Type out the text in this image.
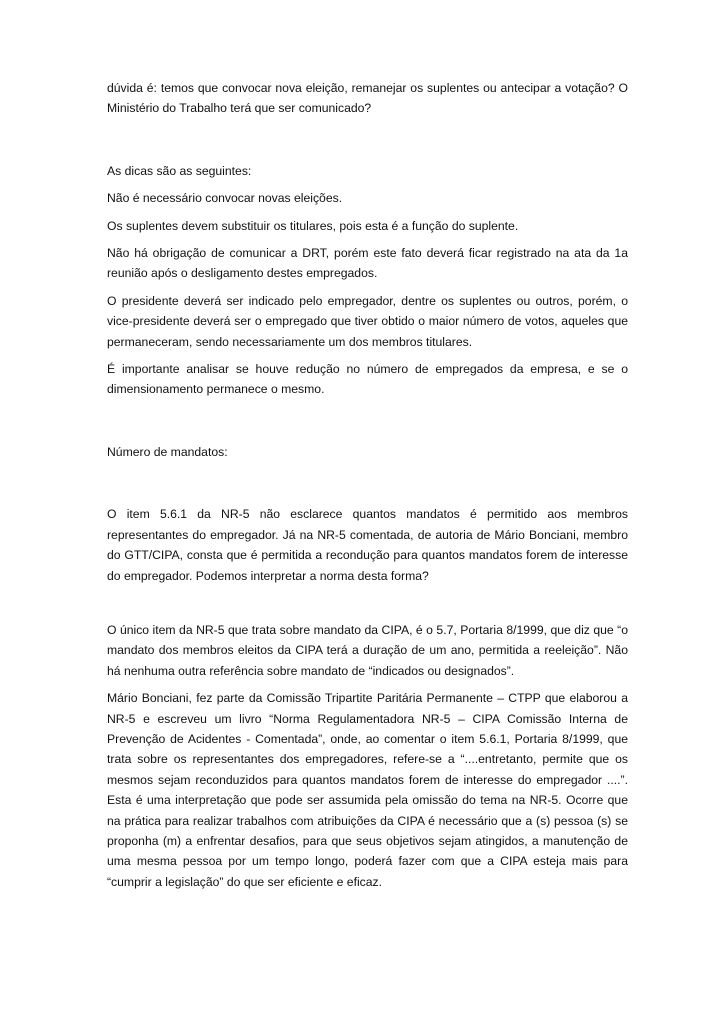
dúvida é: temos que convocar nova eleição, remanejar os suplentes ou antecipar a votação? O Ministério do Trabalho terá que ser comunicado?

As dicas são as seguintes:

Não é necessário convocar novas eleições.

Os suplentes devem substituir os titulares, pois esta é a função do suplente.

Não há obrigação de comunicar a DRT, porém este fato deverá ficar registrado na ata da 1a reunião após o desligamento destes empregados.

O presidente deverá ser indicado pelo empregador, dentre os suplentes ou outros, porém, o vice-presidente deverá ser o empregado que tiver obtido o maior número de votos, aqueles que permaneceram, sendo necessariamente um dos membros titulares.

É importante analisar se houve redução no número de empregados da empresa, e se o dimensionamento permanece o mesmo.

Número de mandatos:

O item 5.6.1 da NR-5 não esclarece quantos mandatos é permitido aos membros representantes do empregador. Já na NR-5 comentada, de autoria de Mário Bonciani, membro do GTT/CIPA, consta que é permitida a recondução para quantos mandatos forem de interesse do empregador. Podemos interpretar a norma desta forma?

O único item da NR-5 que trata sobre mandato da CIPA, é o 5.7, Portaria 8/1999, que diz que “o mandato dos membros eleitos da CIPA terá a duração de um ano, permitida a reeleição”. Não há nenhuma outra referência sobre mandato de “indicados ou designados”.

Mário Bonciani, fez parte da Comissão Tripartite Paritária Permanente – CTPP que elaborou a NR-5 e escreveu um livro “Norma Regulamentadora NR-5 – CIPA Comissão Interna de Prevenção de Acidentes - Comentada”, onde, ao comentar o item 5.6.1, Portaria 8/1999, que trata sobre os representantes dos empregadores, refere-se a “....entretanto, permite que os mesmos sejam reconduzidos para quantos mandatos forem de interesse do empregador ....”. Esta é uma interpretação que pode ser assumida pela omissão do tema na NR-5. Ocorre que na prática para realizar trabalhos com atribuições da CIPA é necessário que a (s) pessoa (s) se proponha (m) a enfrentar desafios, para que seus objetivos sejam atingidos, a manutenção de uma mesma pessoa por um tempo longo, poderá fazer com que a CIPA esteja mais para “cumprir a legislação” do que ser eficiente e eficaz.
